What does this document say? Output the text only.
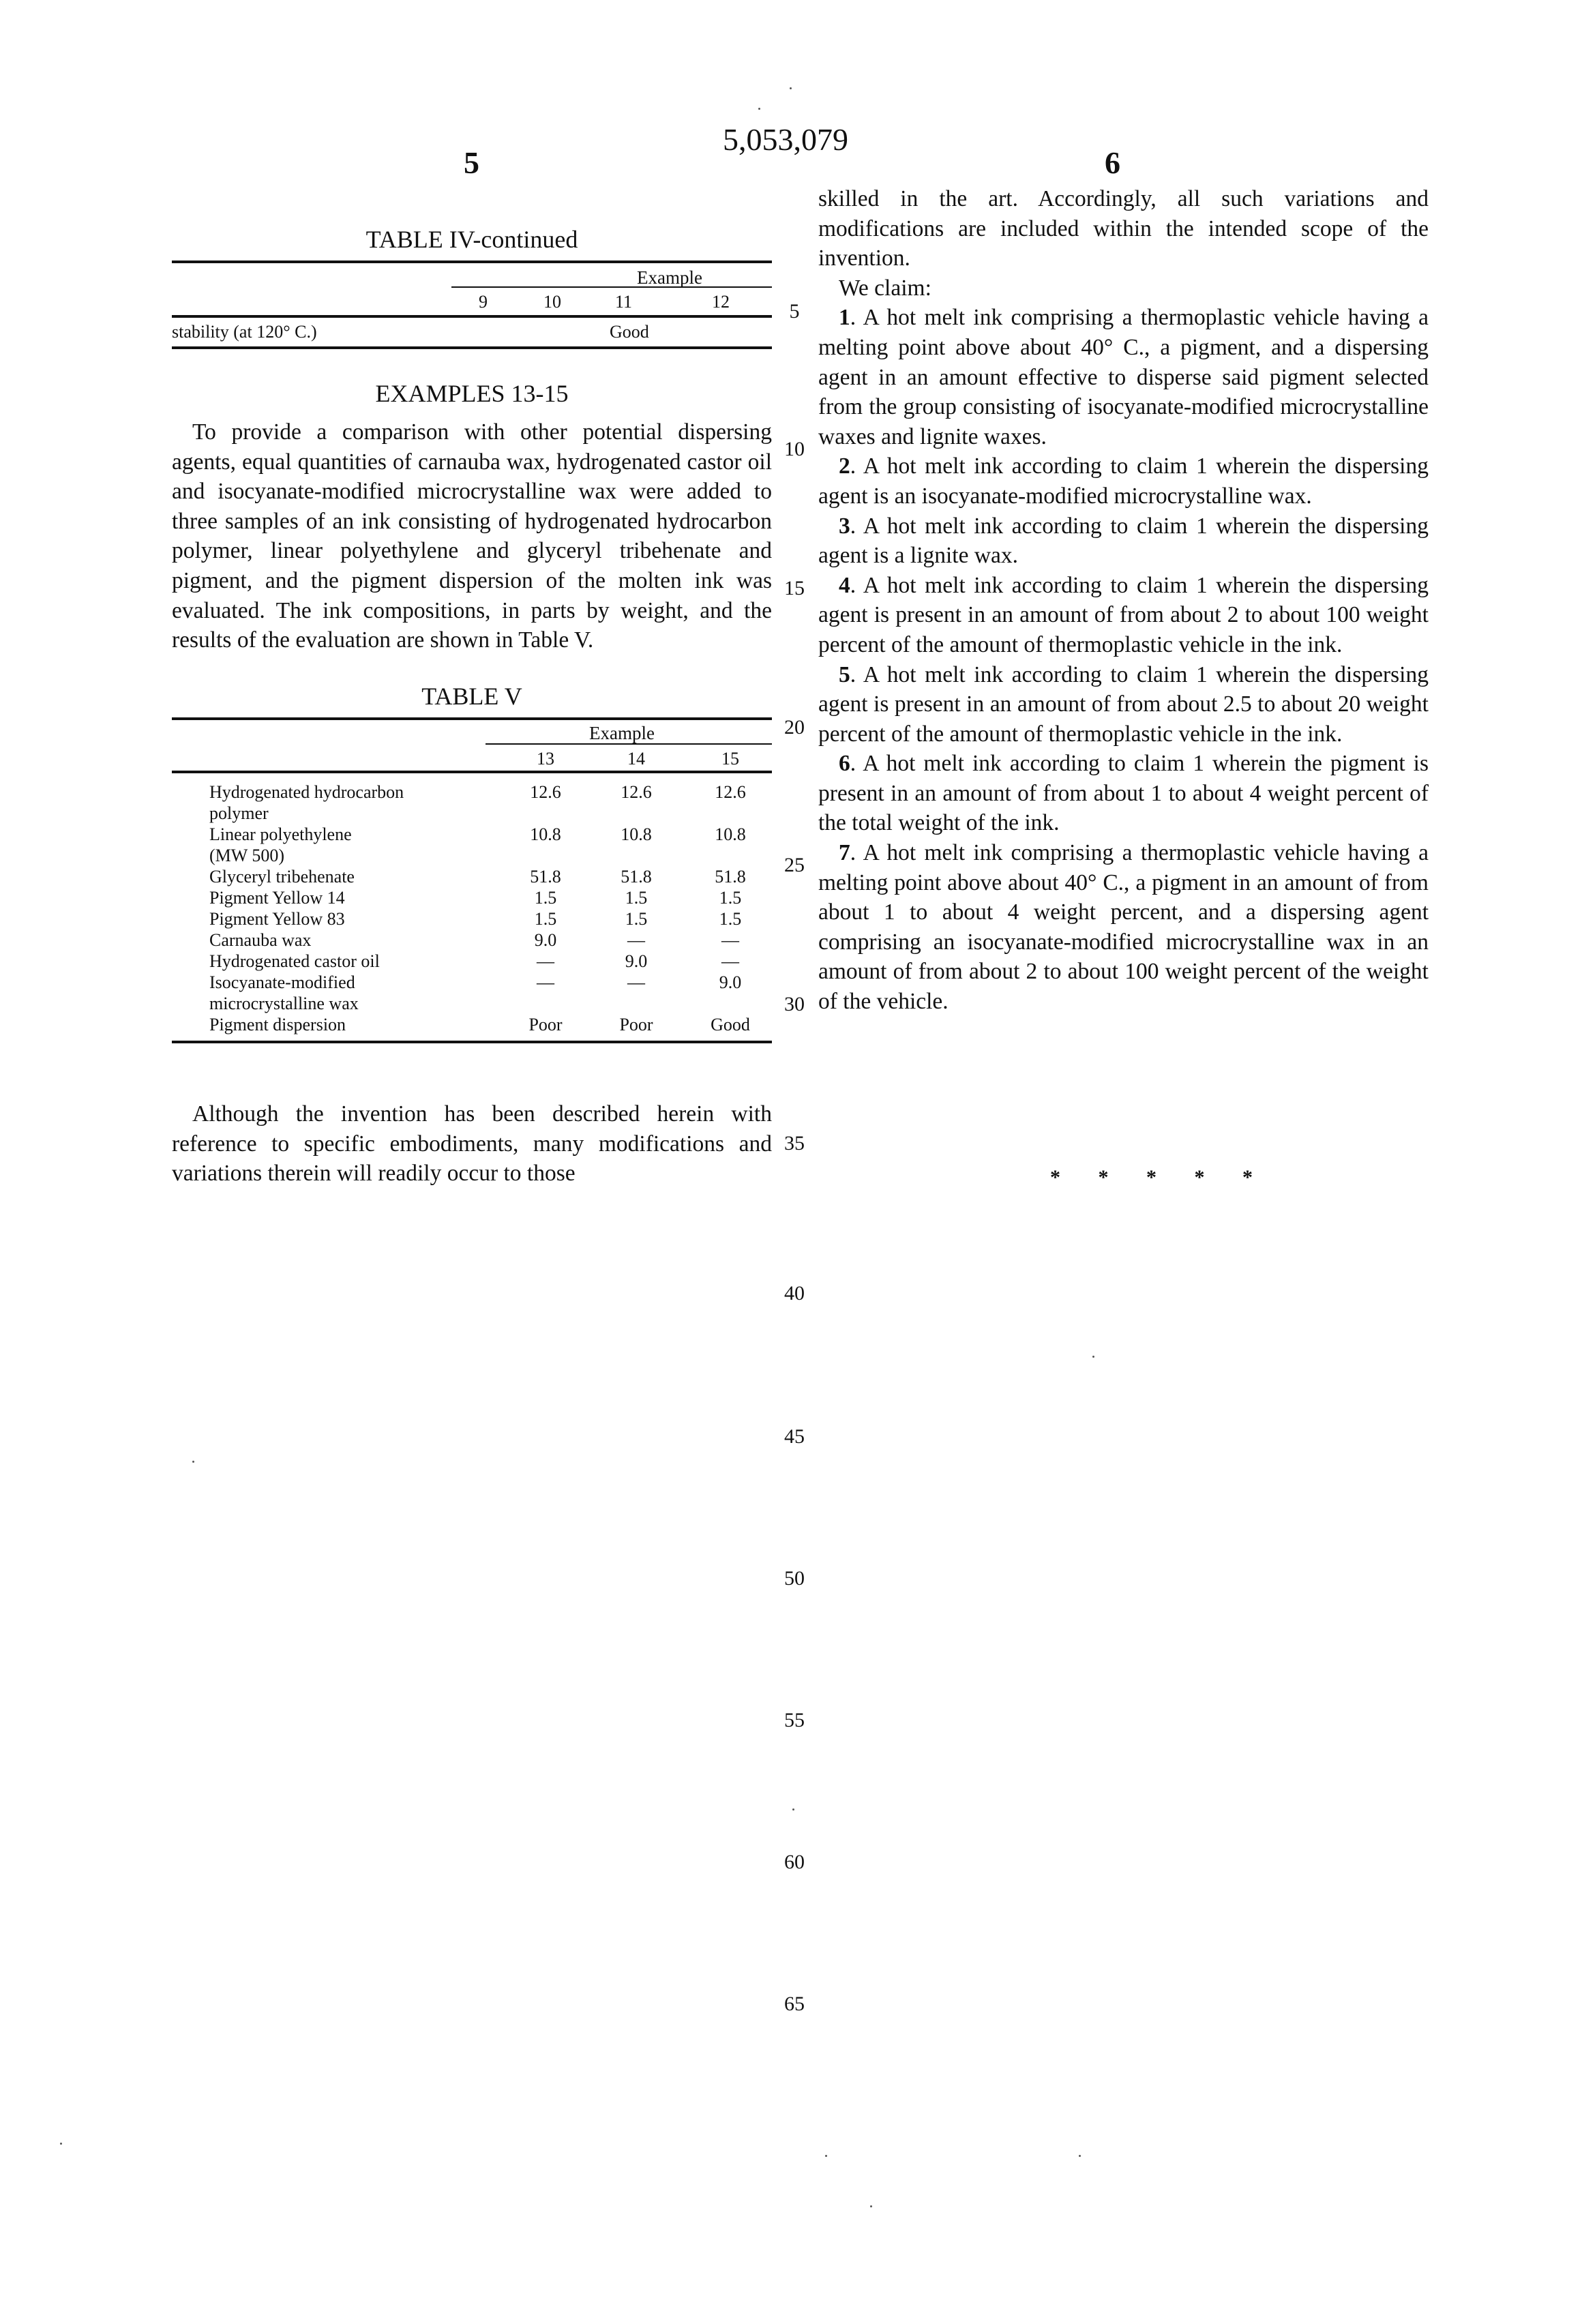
5
5,053,079
6
TABLE IV-continued
Example
9	10	11	12
stability (at 120° C.)	Good
EXAMPLES 13-15

To provide a comparison with other potential dispersing agents, equal quantities of carnauba wax, hydrogenated castor oil and isocyanate-modified microcrystalline wax were added to three samples of an ink consisting of hydrogenated hydrocarbon polymer, linear polyethylene and glyceryl tribehenate and pigment, and the pigment dispersion of the molten ink was evaluated. The ink compositions, in parts by weight, and the results of the evaluation are shown in Table V.

TABLE V
Example
13	14	15
Hydrogenated hydrocarbon
polymer
12.6	12.6	12.6
Linear polyethylene
(MW 500)
10.8	10.8	10.8
Glyceryl tribehenate	51.8	51.8	51.8
Pigment Yellow 14	1.5	1.5	1.5
Pigment Yellow 83	1.5	1.5	1.5
Carnauba wax	9.0	—	—
Hydrogenated castor oil	—	9.0	—
Isocyanate-modified
microcrystalline wax
—	—	9.0
Pigment dispersion	Poor	Poor	Good

Although the invention has been described herein with reference to specific embodiments, many modifications and variations therein will readily occur to those

skilled in the art. Accordingly, all such variations and modifications are included within the intended scope of the invention.

We claim:

1. A hot melt ink comprising a thermoplastic vehicle having a melting point above about 40° C., a pigment, and a dispersing agent in an amount effective to disperse said pigment selected from the group consisting of isocyanate-modified microcrystalline waxes and lignite waxes.

2. A hot melt ink according to claim 1 wherein the dispersing agent is an isocyanate-modified microcrystalline wax.

3. A hot melt ink according to claim 1 wherein the dispersing agent is a lignite wax.

4. A hot melt ink according to claim 1 wherein the dispersing agent is present in an amount of from about 2 to about 100 weight percent of the amount of thermoplastic vehicle in the ink.

5. A hot melt ink according to claim 1 wherein the dispersing agent is present in an amount of from about 2.5 to about 20 weight percent of the amount of thermoplastic vehicle in the ink.

6. A hot melt ink according to claim 1 wherein the pigment is present in an amount of from about 1 to about 4 weight percent of the total weight of the ink.

7. A hot melt ink comprising a thermoplastic vehicle having a melting point above about 40° C., a pigment in an amount of from about 1 to about 4 weight percent, and a dispersing agent comprising an isocyanate-modified microcrystalline wax in an amount of from about 2 to about 100 weight percent of the weight of the vehicle.

* * * * *
5
10
15
20
25
30
35
40
45
50
55
60
65
